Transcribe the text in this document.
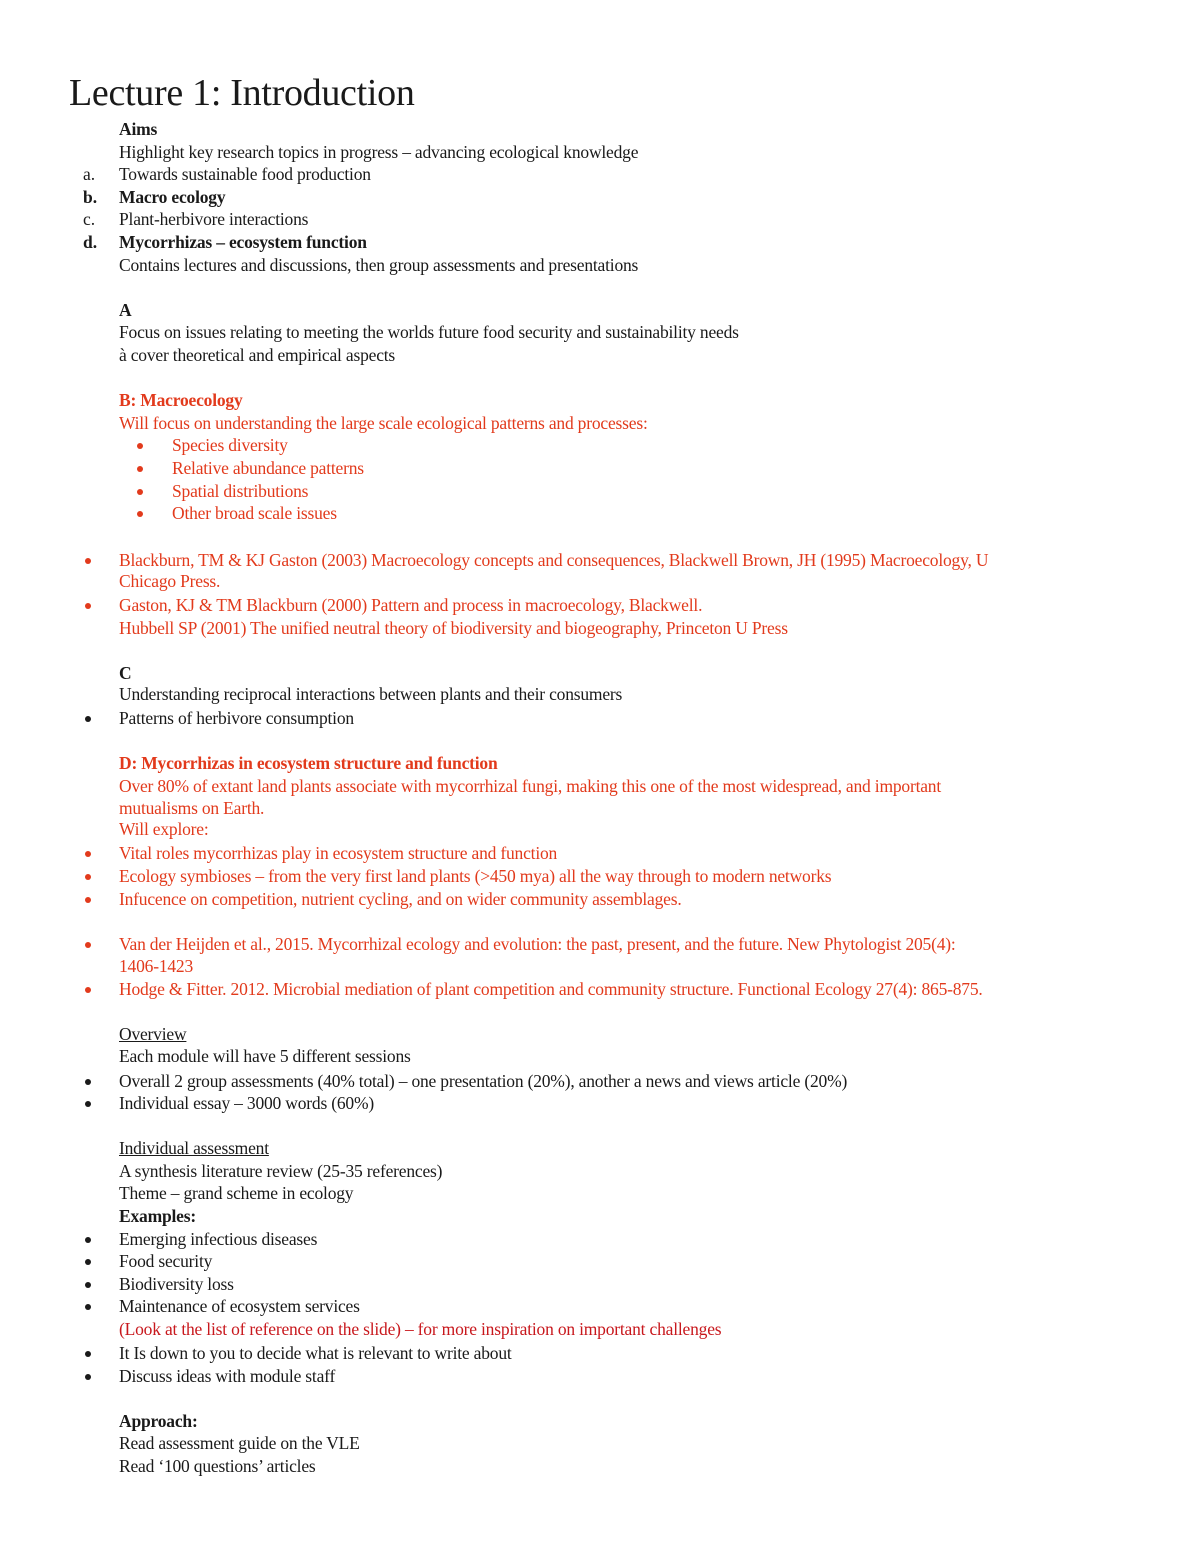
Lecture 1: Introduction
Aims
Highlight key research topics in progress – advancing ecological knowledge
a. Towards sustainable food production
b. Macro ecology
c. Plant-herbivore interactions
d. Mycorrhizas – ecosystem function
Contains lectures and discussions, then group assessments and presentations
A
Focus on issues relating to meeting the worlds future food security and sustainability needs
à cover theoretical and empirical aspects
B: Macroecology
Will focus on understanding the large scale ecological patterns and processes:
Species diversity
Relative abundance patterns
Spatial distributions
Other broad scale issues
Blackburn, TM & KJ Gaston (2003) Macroecology concepts and consequences, Blackwell Brown, JH (1995) Macroecology, U
Chicago Press.
Gaston, KJ & TM Blackburn (2000) Pattern and process in macroecology, Blackwell.
Hubbell SP (2001) The unified neutral theory of biodiversity and biogeography, Princeton U Press
C
Understanding reciprocal interactions between plants and their consumers
Patterns of herbivore consumption
D: Mycorrhizas in ecosystem structure and function
Over 80% of extant land plants associate with mycorrhizal fungi, making this one of the most widespread, and important
mutualisms on Earth.
Will explore:
Vital roles mycorrhizas play in ecosystem structure and function
Ecology symbioses – from the very first land plants (>450 mya) all the way through to modern networks
Infucence on competition, nutrient cycling, and on wider community assemblages.
Van der Heijden et al., 2015. Mycorrhizal ecology and evolution: the past, present, and the future. New Phytologist 205(4):
1406-1423
Hodge & Fitter. 2012. Microbial mediation of plant competition and community structure. Functional Ecology 27(4): 865-875.
Overview
Each module will have 5 different sessions
Overall 2 group assessments (40% total) – one presentation (20%), another a news and views article (20%)
Individual essay – 3000 words (60%)
Individual assessment
A synthesis literature review (25-35 references)
Theme – grand scheme in ecology
Examples:
Emerging infectious diseases
Food security
Biodiversity loss
Maintenance of ecosystem services
(Look at the list of reference on the slide) – for more inspiration on important challenges
It Is down to you to decide what is relevant to write about
Discuss ideas with module staff
Approach:
Read assessment guide on the VLE
Read ‘100 questions’ articles
